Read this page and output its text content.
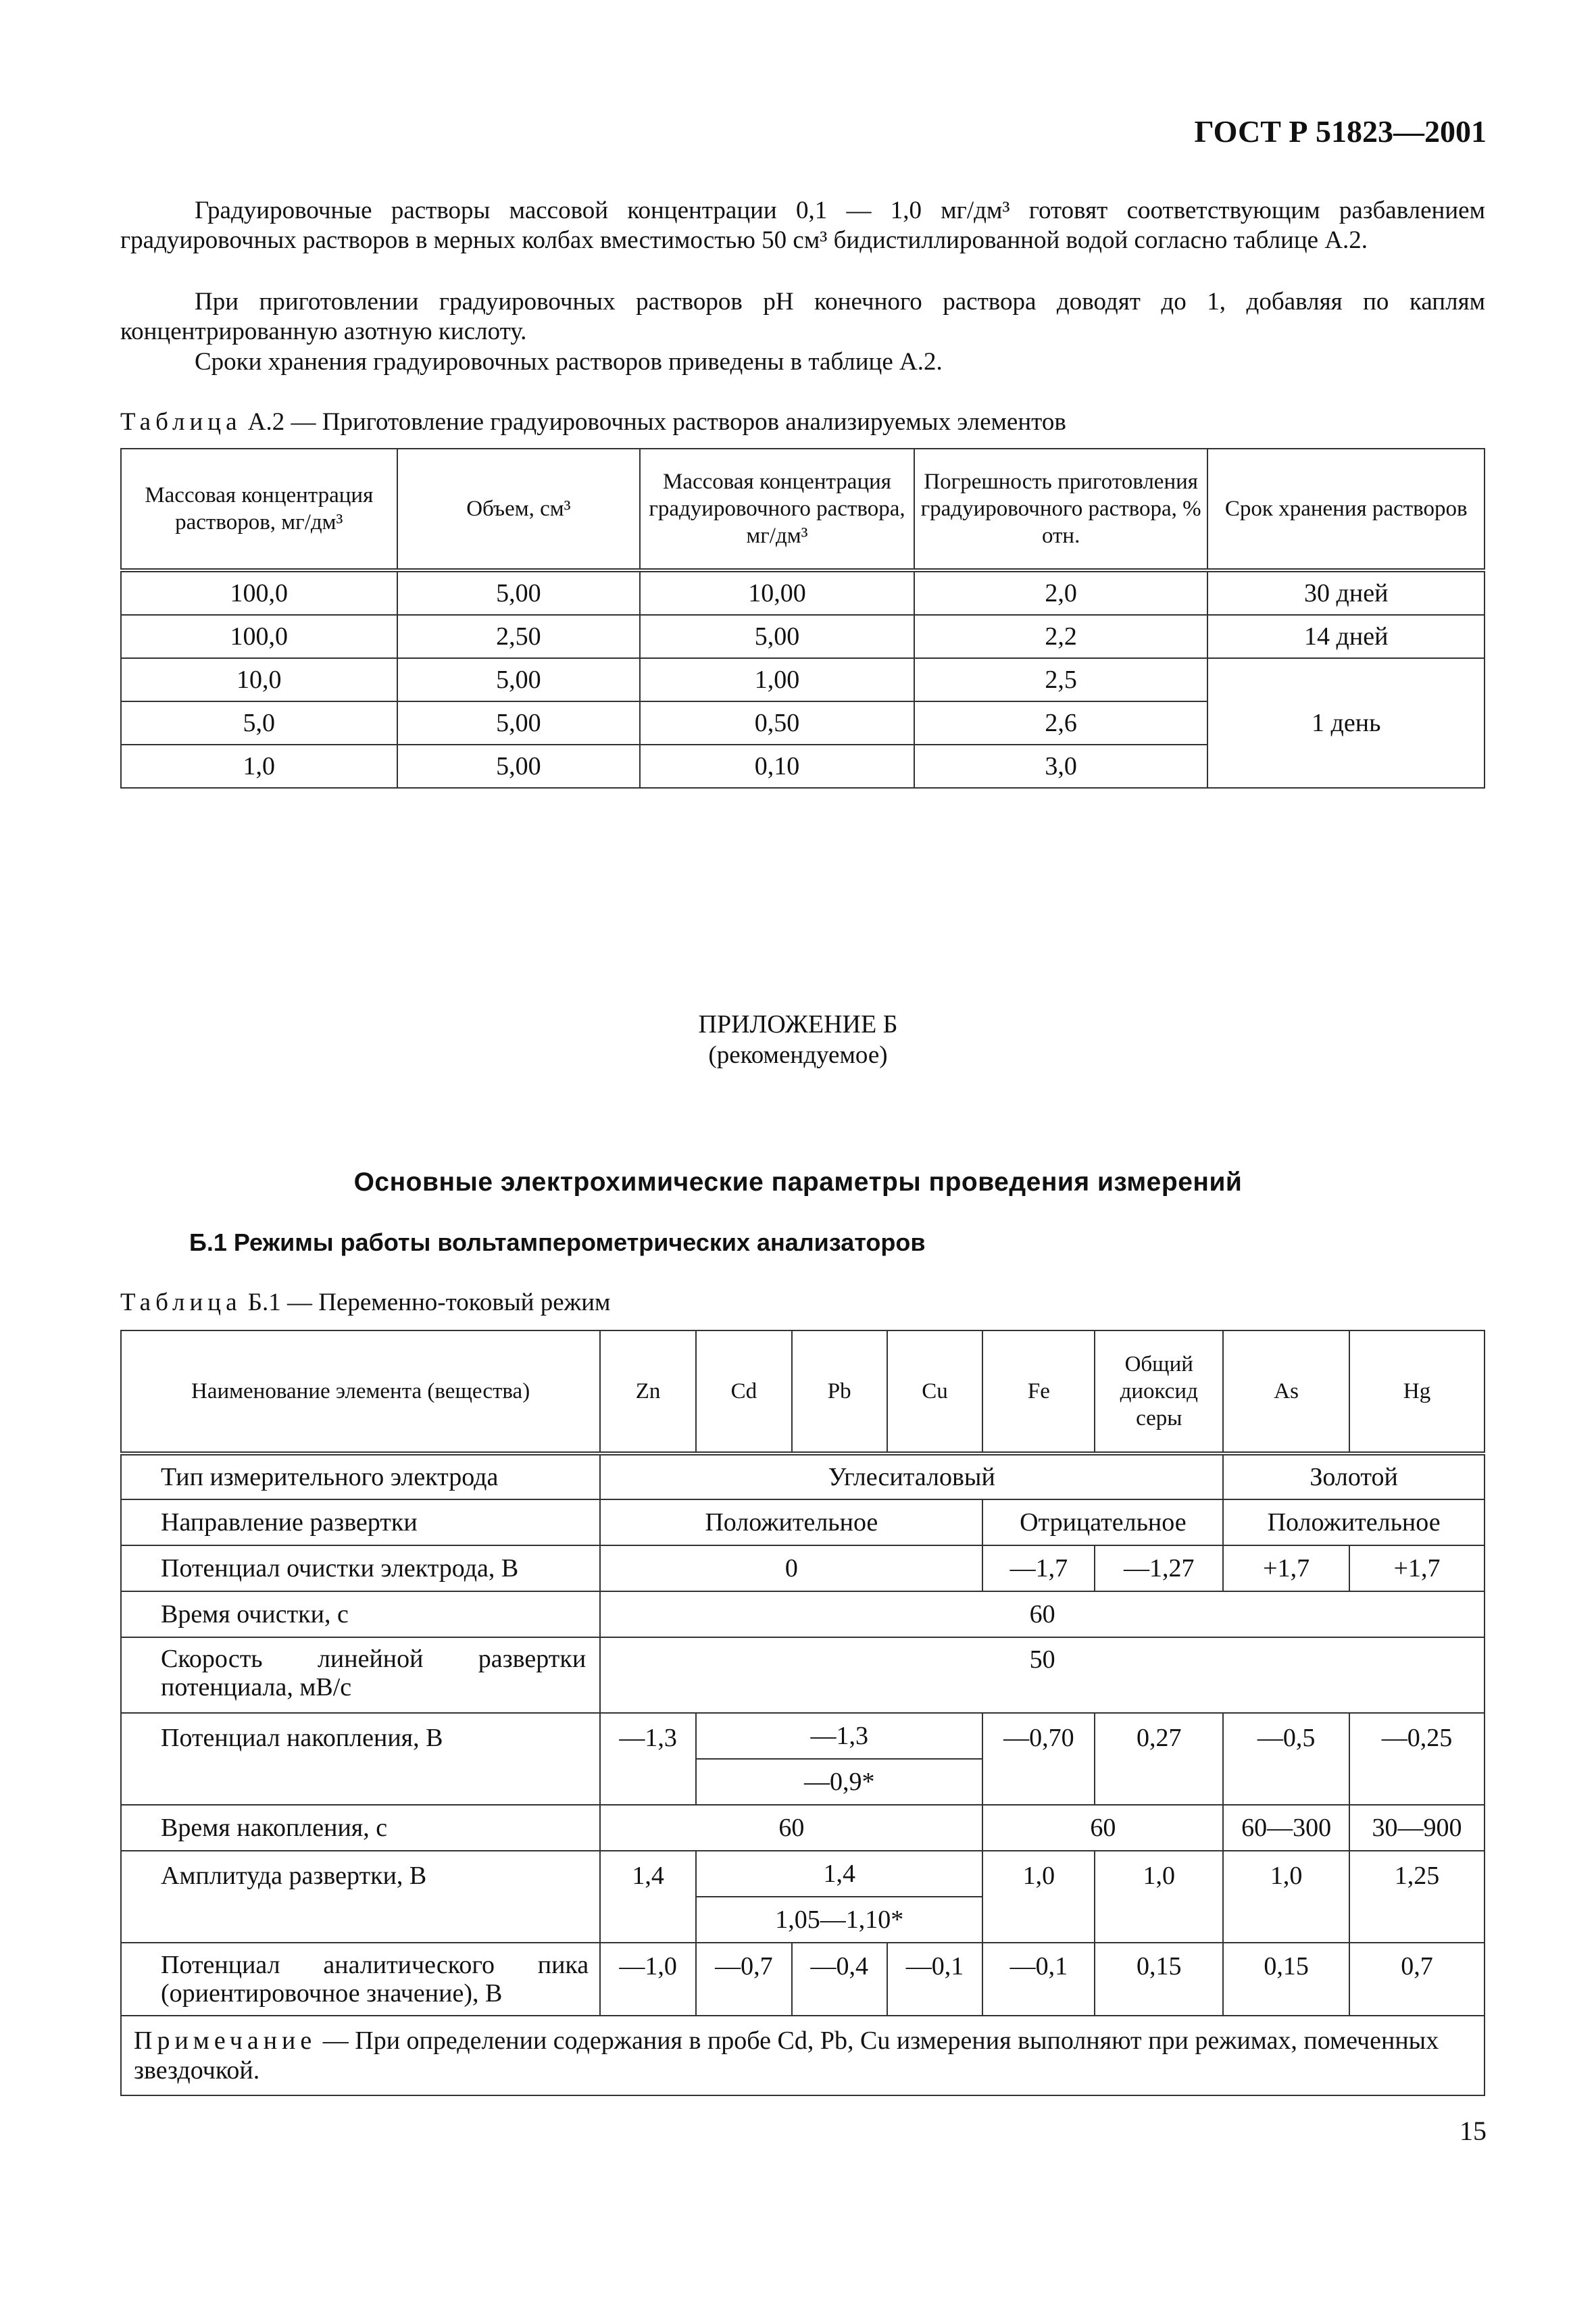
ГОСТ Р 51823—2001
Градуировочные растворы массовой концентрации 0,1 — 1,0 мг/дм³ готовят соответствующим разбавлением градуировочных растворов в мерных колбах вместимостью 50 см³ бидистиллированной водой согласно таблице А.2.
При приготовлении градуировочных растворов рН конечного раствора доводят до 1, добавляя по каплям концентрированную азотную кислоту.
Сроки хранения градуировочных растворов приведены в таблице А.2.
Таблица А.2 — Приготовление градуировочных растворов анализируемых элементов
Массовая концентрация растворов, мг/дм³	Объем, см³	Массовая концентрация градуировочного раствора, мг/дм³	Погрешность приготовления градуировочного раствора, % отн.	Срок хранения растворов
100,0	5,00	10,00	2,0	30 дней
100,0	2,50	5,00	2,2	14 дней
10,0	5,00	1,00	2,5	1 день
5,0	5,00	0,50	2,6	
1,0	5,00	0,10	3,0	
ПРИЛОЖЕНИЕ Б
(рекомендуемое)
Основные электрохимические параметры проведения измерений
Б.1 Режимы работы вольтамперометрических анализаторов
Таблица Б.1 — Переменно-токовый режим
Наименование элемента (вещества)	Zn	Cd	Pb	Cu	Fe	Общий диоксид серы	As	Hg
Тип измерительного электрода	Углеситаловый						Золотой	
Направление развертки	Положительное				Отрицательное		Положительное	
Потенциал очистки электрода, В	0				—1,7	—1,27	+1,7	+1,7
Время очистки, с	60							
Скорость линейной развертки потенциала, мВ/с	50							
Потенциал накопления, В	—1,3	—1,3			—0,70	0,27	—0,5	—0,25
		—0,9*						
Время накопления, с	60				60		60—300	30—900
Амплитуда развертки, В	1,4	1,4			1,0	1,0	1,0	1,25
		1,05—1,10*						
Потенциал аналитического пика (ориентировочное значение), В	—1,0	—0,7	—0,4	—0,1	—0,1	0,15	0,15	0,7
Примечание — При определении содержания в пробе Cd, Pb, Cu измерения выполняют при режимах, помеченных звездочкой.								
15
